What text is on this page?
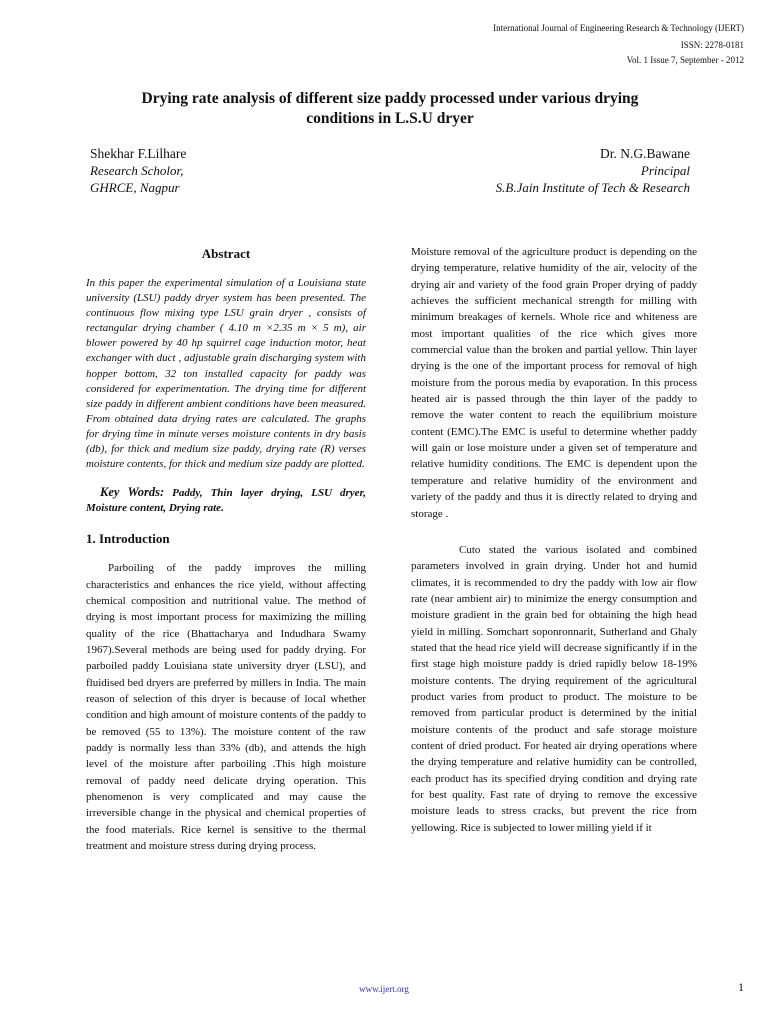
International Journal of Engineering Research & Technology (IJERT)
ISSN: 2278-0181
Vol. 1 Issue 7, September - 2012
Drying rate analysis of different size paddy processed under various drying
conditions in L.S.U dryer
Shekhar F.Lilhare
Research Scholor,
GHRCE, Nagpur
Dr. N.G.Bawane
Principal
S.B.Jain Institute of Tech & Research
Abstract

In this paper the experimental simulation of a Louisiana state university (LSU) paddy dryer system has been presented. The continuous flow mixing type LSU grain dryer , consists of rectangular drying chamber ( 4.10 m ×2.35 m × 5 m), air blower powered by 40 hp squirrel cage induction motor, heat exchanger with duct , adjustable grain discharging system with hopper bottom, 32 ton installed capacity for paddy was considered for experimentation. The drying time for different size paddy in different ambient conditions have been measured. From obtained data drying rates are calculated. The graphs for drying time in minute verses moisture contents in dry basis (db), for thick and medium size paddy, drying rate (R) verses moisture contents, for thick and medium size paddy are plotted.

Key Words: Paddy, Thin layer drying, LSU dryer, Moisture content, Drying rate.

1. Introduction

Parboiling of the paddy improves the milling characteristics and enhances the rice yield, without affecting chemical composition and nutritional value. The method of drying is most important process for maximizing the milling quality of the rice (Bhattacharya and Indudhara Swamy 1967).Several methods are being used for paddy drying. For parboiled paddy Louisiana state university dryer (LSU), and fluidised bed dryers are preferred by millers in India. The main reason of selection of this dryer is because of local whether condition and high amount of moisture contents of the paddy to be removed (55 to 13%). The moisture content of the raw paddy is normally less than 33% (db), and attends the high level of the moisture after parboiling .This high moisture removal of paddy need delicate drying operation. This phenomenon is very complicated and may cause the irreversible change in the physical and chemical properties of the food materials. Rice kernel is sensitive to the thermal treatment and moisture stress during drying process.

Moisture removal of the agriculture product is depending on the drying temperature, relative humidity of the air, velocity of the drying air and variety of the food grain Proper drying of paddy achieves the sufficient mechanical strength for milling with minimum breakages of kernels. Whole rice and whiteness are most important qualities of the rice which gives more commercial value than the broken and partial yellow. Thin layer drying is the one of the important process for removal of high moisture from the porous media by evaporation. In this process heated air is passed through the thin layer of the paddy to remove the water content to reach the equilibrium moisture content (EMC).The EMC is useful to determine whether paddy will gain or lose moisture under a given set of temperature and relative humidity conditions. The EMC is dependent upon the temperature and relative humidity of the environment and variety of the paddy and thus it is directly related to drying and storage .

Cuto stated the various isolated and combined parameters involved in grain drying. Under hot and humid climates, it is recommended to dry the paddy with low air flow rate (near ambient air) to minimize the energy consumption and moisture gradient in the grain bed for obtaining the high head yield in milling. Somchart soponronnarit, Sutherland and Ghaly stated that the head rice yield will decrease significantly if in the first stage high moisture paddy is dried rapidly below 18-19% moisture contents. The drying requirement of the agricultural product varies from product to product. The moisture to be removed from particular product is determined by the initial moisture contents of the product and safe storage moisture content of dried product. For heated air drying operations where the drying temperature and relative humidity can be controlled, each product has its specified drying condition and drying rate for best quality. Fast rate of drying to remove the excessive moisture leads to stress cracks, but prevent the rice from yellowing. Rice is subjected to lower milling yield if it

www.ijert.org	1
